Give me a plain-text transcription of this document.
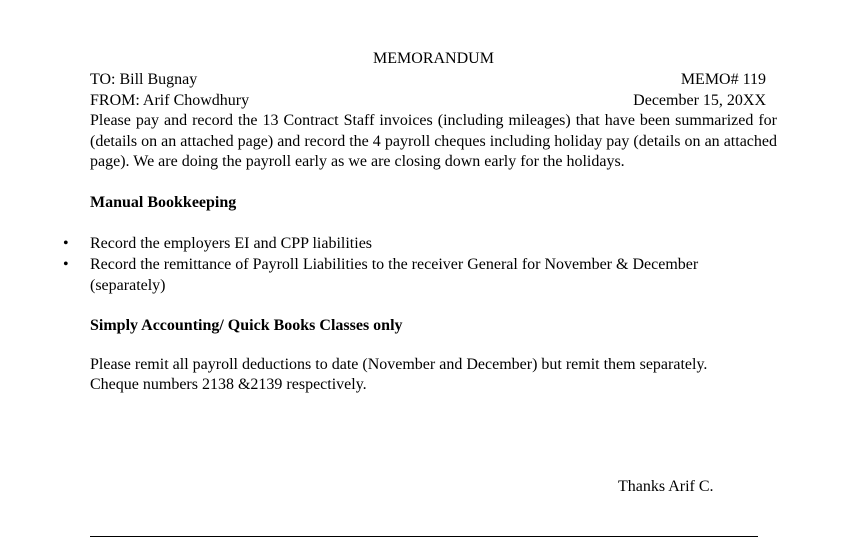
MEMORANDUM
TO: Bill Bugnay	MEMO# 119
FROM: Arif Chowdhury	December 15, 20XX

Please pay and record the 13 Contract Staff invoices (including mileages) that have been summarized for (details on an attached page) and record the 4 payroll cheques including holiday pay (details on an attached page). We are doing the payroll early as we are closing down early for the holidays.

Manual Bookkeeping
• Record the employers EI and CPP liabilities
• Record the remittance of Payroll Liabilities to the receiver General for November & December (separately)
Simply Accounting/ Quick Books Classes only
Please remit all payroll deductions to date (November and December) but remit them separately.
Cheque numbers 2138 &2139 respectively.
Thanks Arif C.
